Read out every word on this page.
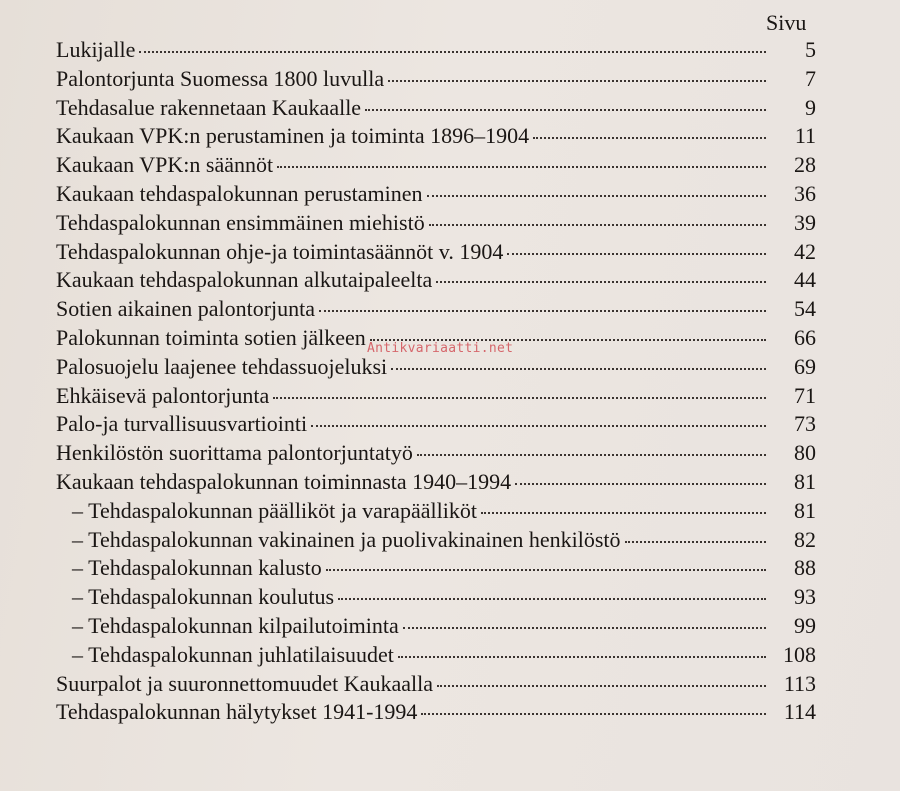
Sivu
Lukijalle	5
Palontorjunta Suomessa 1800 luvulla	7
Tehdasalue rakennetaan Kaukaalle	9
Kaukaan VPK:n perustaminen ja toiminta 1896–1904	11
Kaukaan VPK:n säännöt	28
Kaukaan tehdaspalokunnan perustaminen	36
Tehdaspalokunnan ensimmäinen miehistö	39
Tehdaspalokunnan ohje-ja toimintasäännöt v. 1904	42
Kaukaan tehdaspalokunnan alkutaipaleelta	44
Sotien aikainen palontorjunta	54
Palokunnan toiminta sotien jälkeen	66
Palosuojelu laajenee tehdassuojeluksi	69
Ehkäisevä palontorjunta	71
Palo-ja turvallisuusvartiointi	73
Henkilöstön suorittama palontorjuntatyö	80
Kaukaan tehdaspalokunnan toiminnasta 1940–1994	81
– Tehdaspalokunnan päälliköt ja varapäälliköt	81
– Tehdaspalokunnan vakinainen ja puolivakinainen henkilöstö	82
– Tehdaspalokunnan kalusto	88
– Tehdaspalokunnan koulutus	93
– Tehdaspalokunnan kilpailutoiminta	99
– Tehdaspalokunnan juhlatilaisuudet	108
Suurpalot ja suuronnettomuudet Kaukaalla	113
Tehdaspalokunnan hälytykset 1941-1994	114
Antikvariaatti.net
